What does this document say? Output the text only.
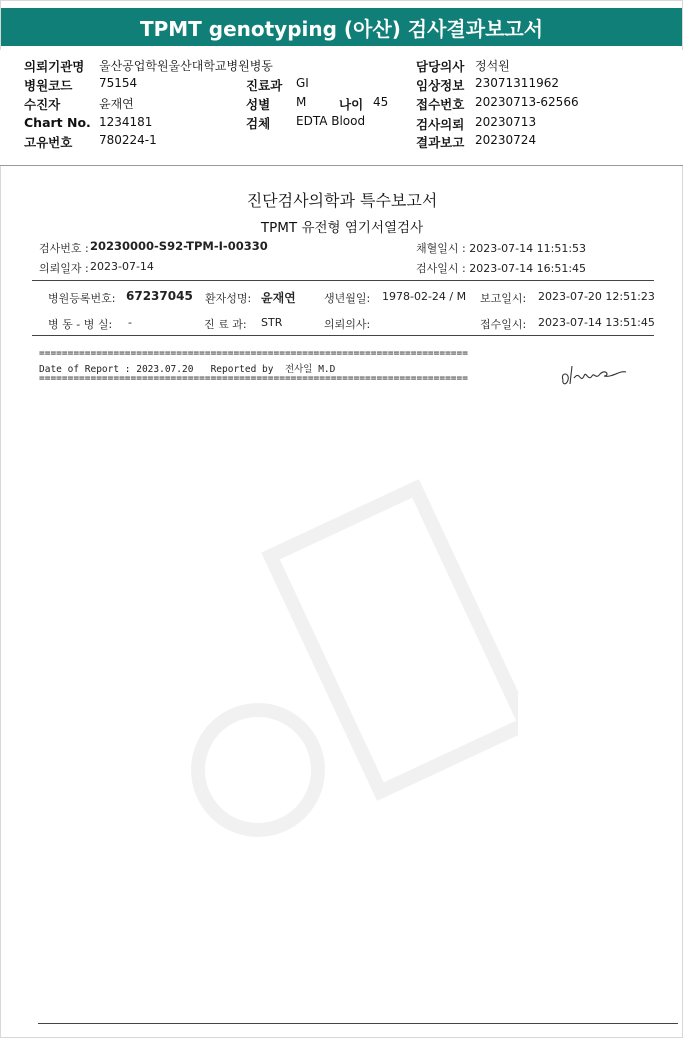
TPMT genotyping (아산) 검사결과보고서
의뢰기관명 울산공업학원울산대학교병원병동	담당의사 정석원
병원코드 75154	진료과 GI	임상정보 23071311962
수진자	윤재연	성별 M	나이 45 접수번호 20230713-62566
Chart No. 1234181	검체 EDTA Blood	검사의뢰 20230713
고유번호 780224-1	결과보고 20230724
진단검사의학과 특수보고서
TPMT 유전형 염기서열검사
검사번호 : 20230000-S92-TPM-I-00330	채혈일시 : 2023-07-14 11:51:53
의뢰일자 : 2023-07-14	검사일시 : 2023-07-14 16:51:45
병원등록번호: 67237045 환자성명: 윤재연	생년월일: 1978-02-24 / M 보고일시: 2023-07-20 12:51:23
병 동 - 병 실: -	진 료 과: STR	의뢰의사:	접수일시: 2023-07-14 13:51:45
===========================================================================
Date of Report : 2023.07.20   Reported by  전사일 M.D
===========================================================================
